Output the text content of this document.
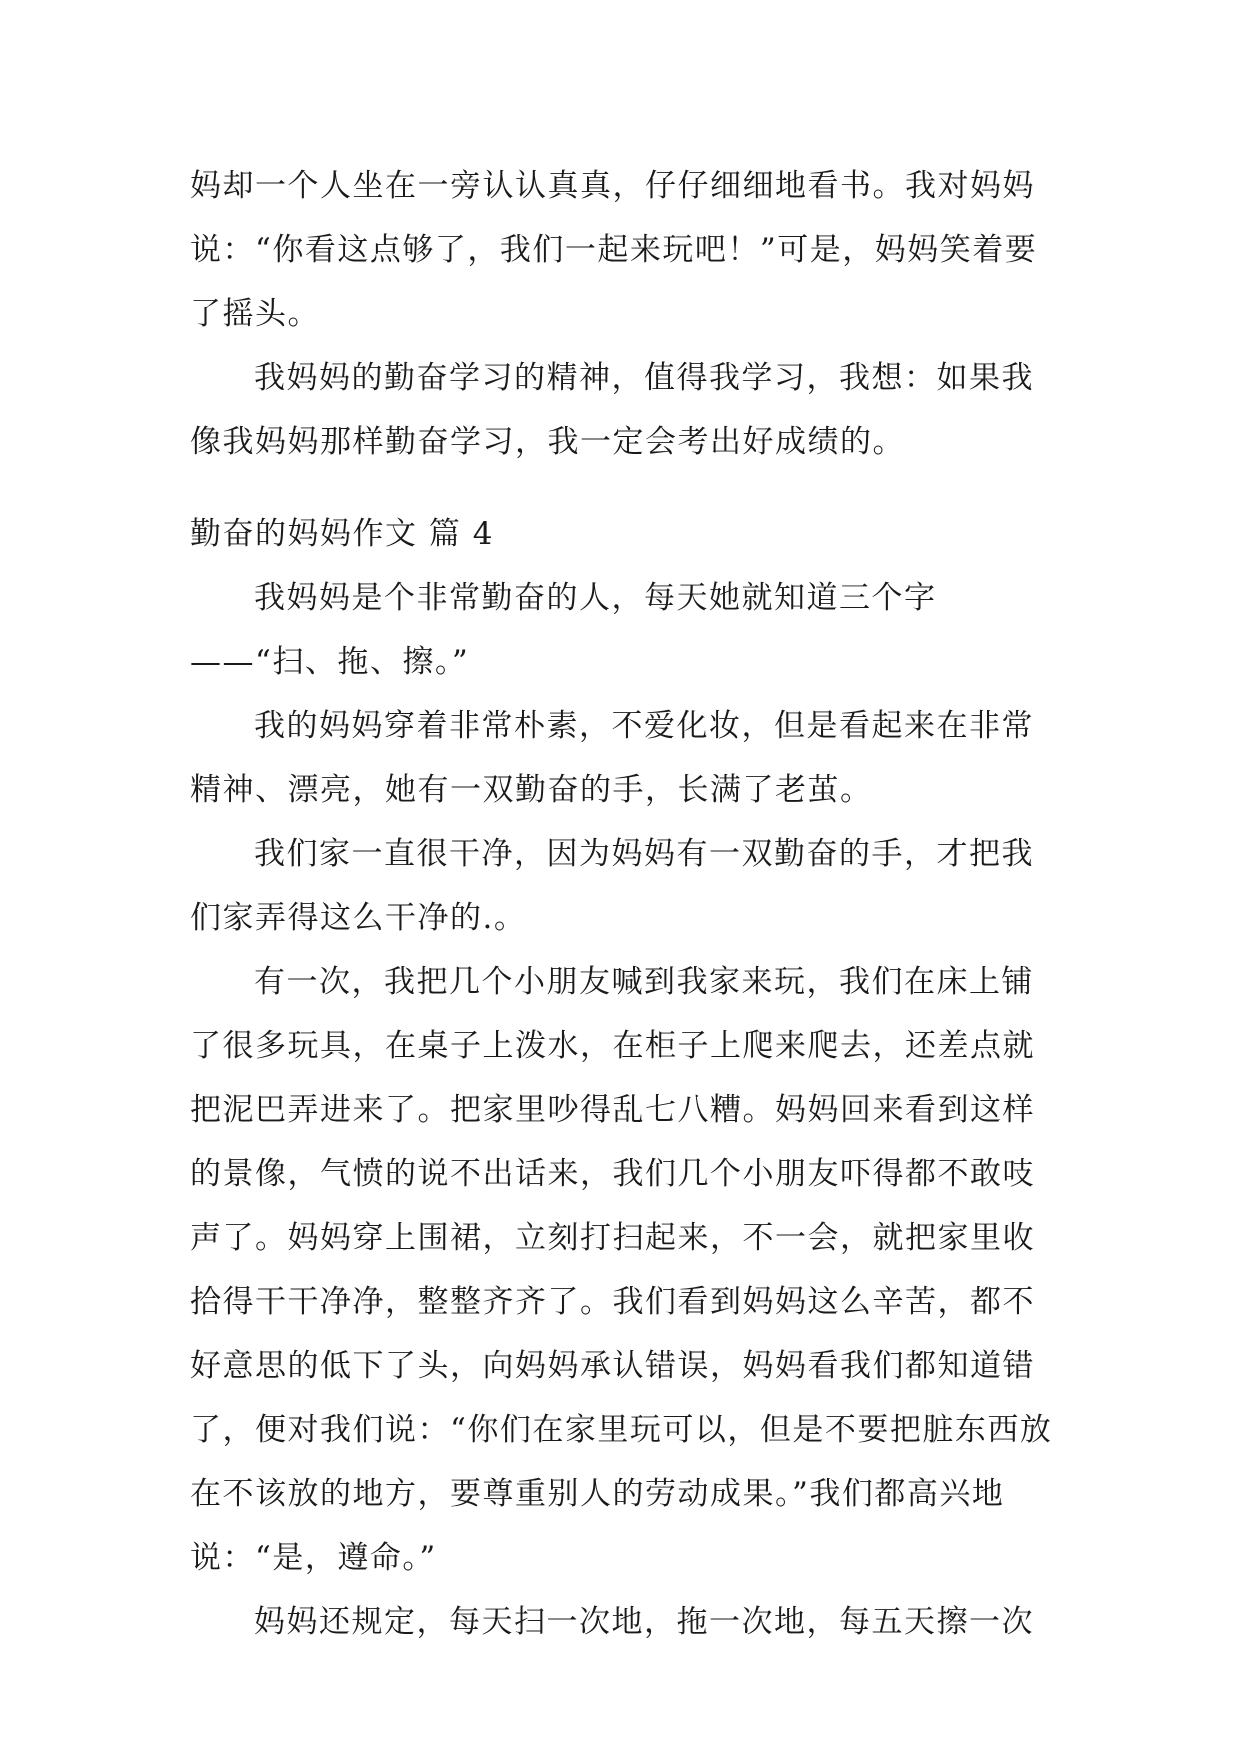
妈却一个人坐在一旁认认真真，仔仔细细地看书。我对妈妈说：“你看这点够了，我们一起来玩吧！”可是，妈妈笑着要了摇头。

我妈妈的勤奋学习的精神，值得我学习，我想：如果我像我妈妈那样勤奋学习，我一定会考出好成绩的。

勤奋的妈妈作文 篇 4

我妈妈是个非常勤奋的人，每天她就知道三个字——“扫、拖、擦。”

我的妈妈穿着非常朴素，不爱化妆，但是看起来在非常精神、漂亮，她有一双勤奋的手，长满了老茧。

我们家一直很干净，因为妈妈有一双勤奋的手，才把我们家弄得这么干净的.。

有一次，我把几个小朋友喊到我家来玩，我们在床上铺了很多玩具，在桌子上泼水，在柜子上爬来爬去，还差点就把泥巴弄进来了。把家里吵得乱七八糟。妈妈回来看到这样的景像，气愤的说不出话来，我们几个小朋友吓得都不敢吱声了。妈妈穿上围裙，立刻打扫起来，不一会，就把家里收拾得干干净净，整整齐齐了。我们看到妈妈这么辛苦，都不好意思的低下了头，向妈妈承认错误，妈妈看我们都知道错了，便对我们说：“你们在家里玩可以，但是不要把脏东西放在不该放的地方，要尊重别人的劳动成果。”我们都高兴地说：“是，遵命。”

妈妈还规定，每天扫一次地，拖一次地，每五天擦一次
